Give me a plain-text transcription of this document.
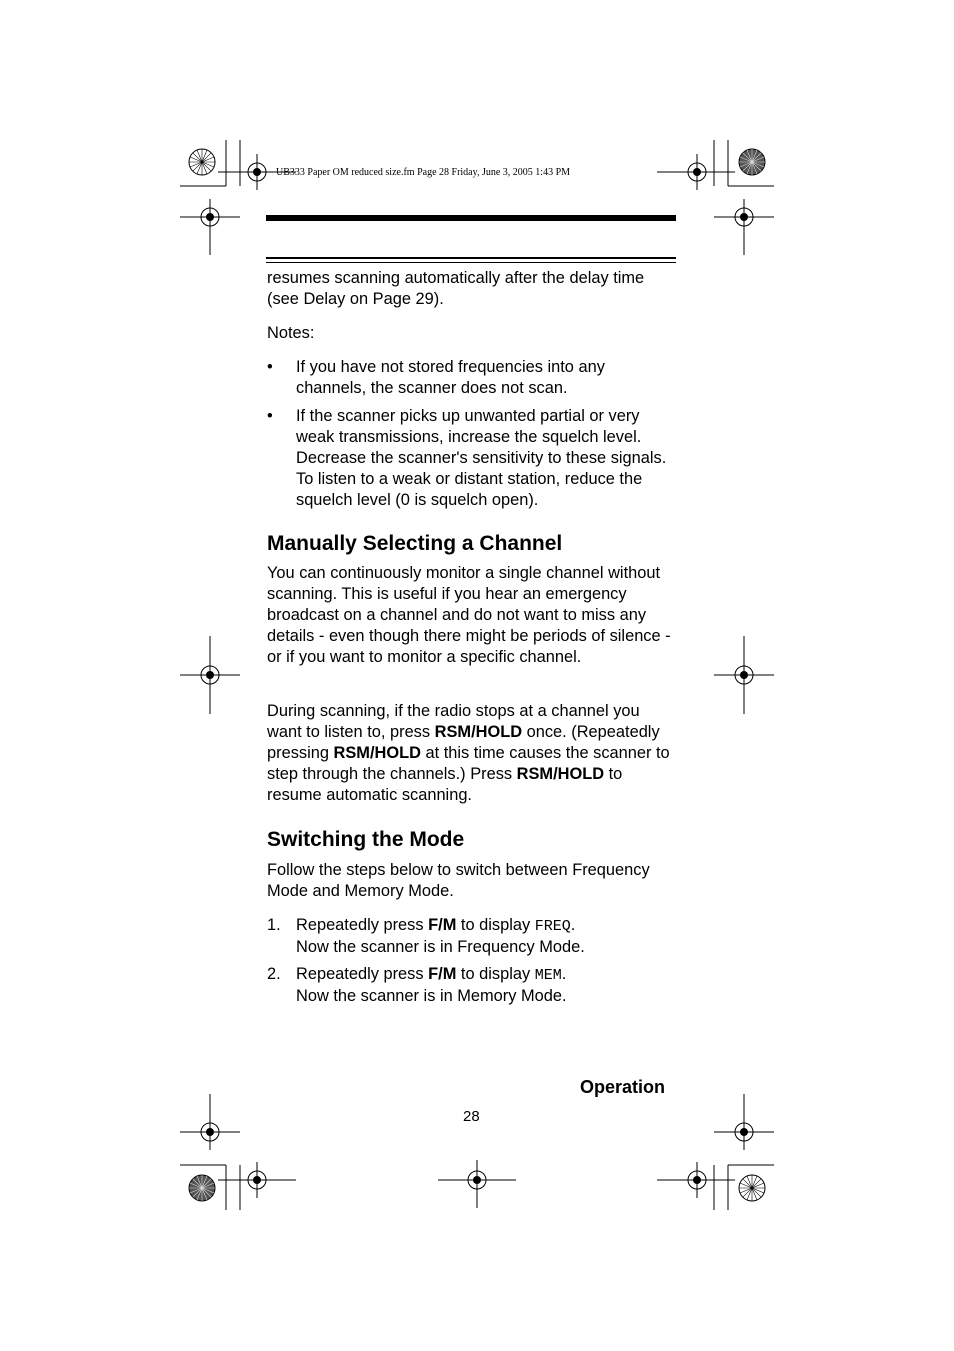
UB333 Paper OM reduced size.fm Page 28 Friday, June 3, 2005 1:43 PM

resumes scanning automatically after the delay time (see Delay on Page 29).

Notes:

• If you have not stored frequencies into any channels, the scanner does not scan.
• If the scanner picks up unwanted partial or very weak transmissions, increase the squelch level. Decrease the scanner's sensitivity to these signals. To listen to a weak or distant station, reduce the squelch level (0 is squelch open).
Manually Selecting a Channel

You can continuously monitor a single channel without scanning. This is useful if you hear an emergency broadcast on a channel and do not want to miss any details - even though there might be periods of silence - or if you want to monitor a specific channel.

During scanning, if the radio stops at a channel you want to listen to, press RSM/HOLD once. (Repeatedly pressing RSM/HOLD at this time causes the scanner to step through the channels.) Press RSM/HOLD to resume automatic scanning.

Switching the Mode

Follow the steps below to switch between Frequency Mode and Memory Mode.

1. Repeatedly press F/M to display FREQ.
Now the scanner is in Frequency Mode.
2. Repeatedly press F/M to display MEM.
Now the scanner is in Memory Mode.
Operation
28
